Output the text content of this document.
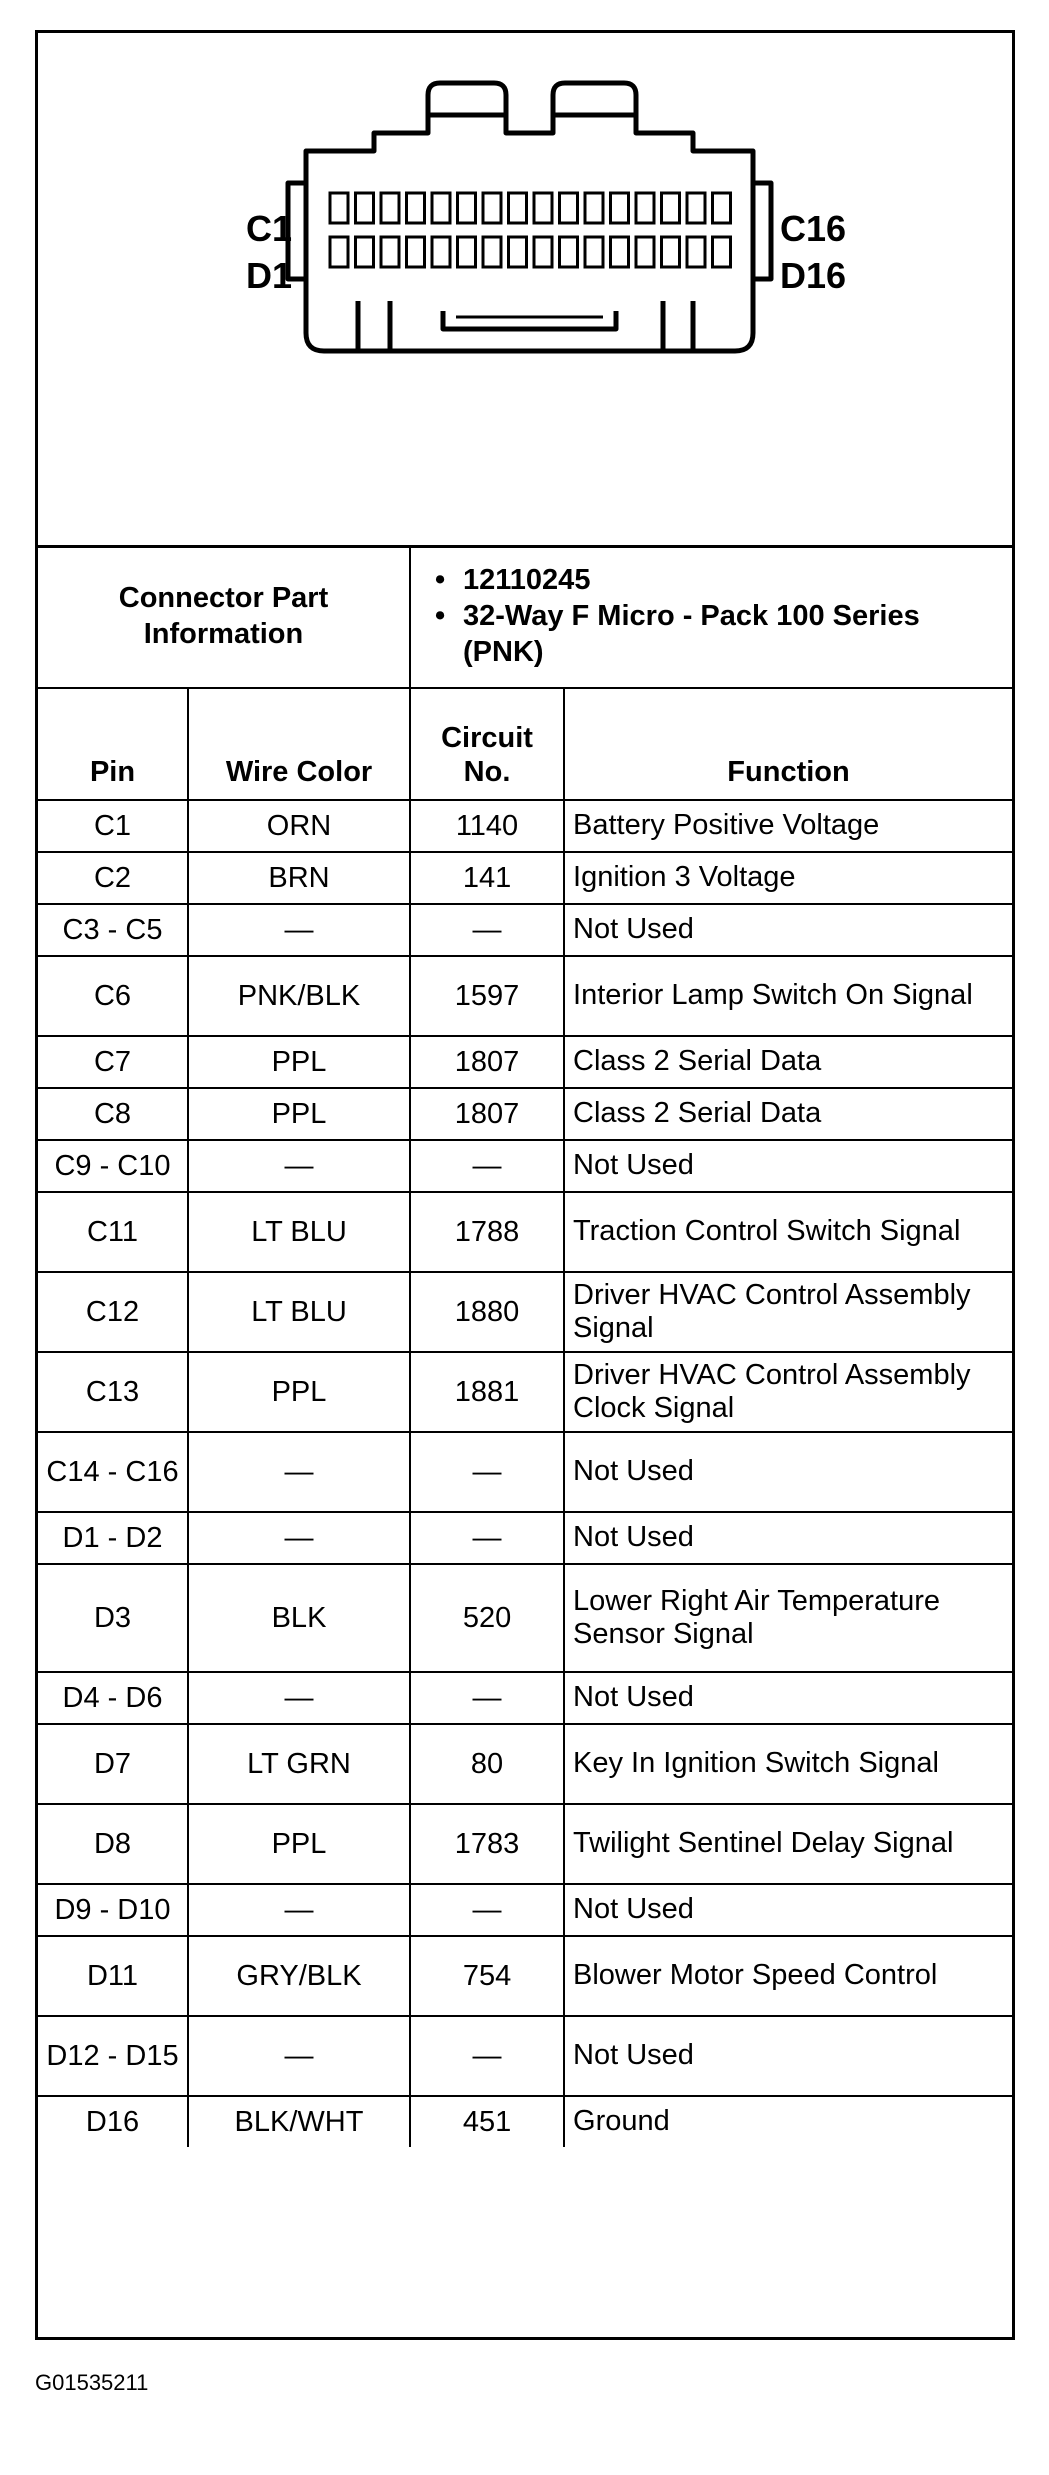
C1
D1
C16
D16
Connector Part Information		• 12110245
• 32-Way F Micro - Pack 100 Series (PNK)

Pin	Wire Color	Circuit No.	Function
C1	ORN	1140	Battery Positive Voltage
C2	BRN	141	Ignition 3 Voltage
C3 - C5	—	—	Not Used
C6	PNK/BLK	1597	Interior Lamp Switch On Signal
C7	PPL	1807	Class 2 Serial Data
C8	PPL	1807	Class 2 Serial Data
C9 - C10	—	—	Not Used
C11	LT BLU	1788	Traction Control Switch Signal
C12	LT BLU	1880	Driver HVAC Control Assembly Signal
C13	PPL	1881	Driver HVAC Control Assembly Clock Signal
C14 - C16	—	—	Not Used
D1 - D2	—	—	Not Used
D3	BLK	520	Lower Right Air Temperature Sensor Signal
D4 - D6	—	—	Not Used
D7	LT GRN	80	Key In Ignition Switch Signal
D8	PPL	1783	Twilight Sentinel Delay Signal
D9 - D10	—	—	Not Used
D11	GRY/BLK	754	Blower Motor Speed Control
D12 - D15	—	—	Not Used
D16	BLK/WHT	451	Ground
G01535211
